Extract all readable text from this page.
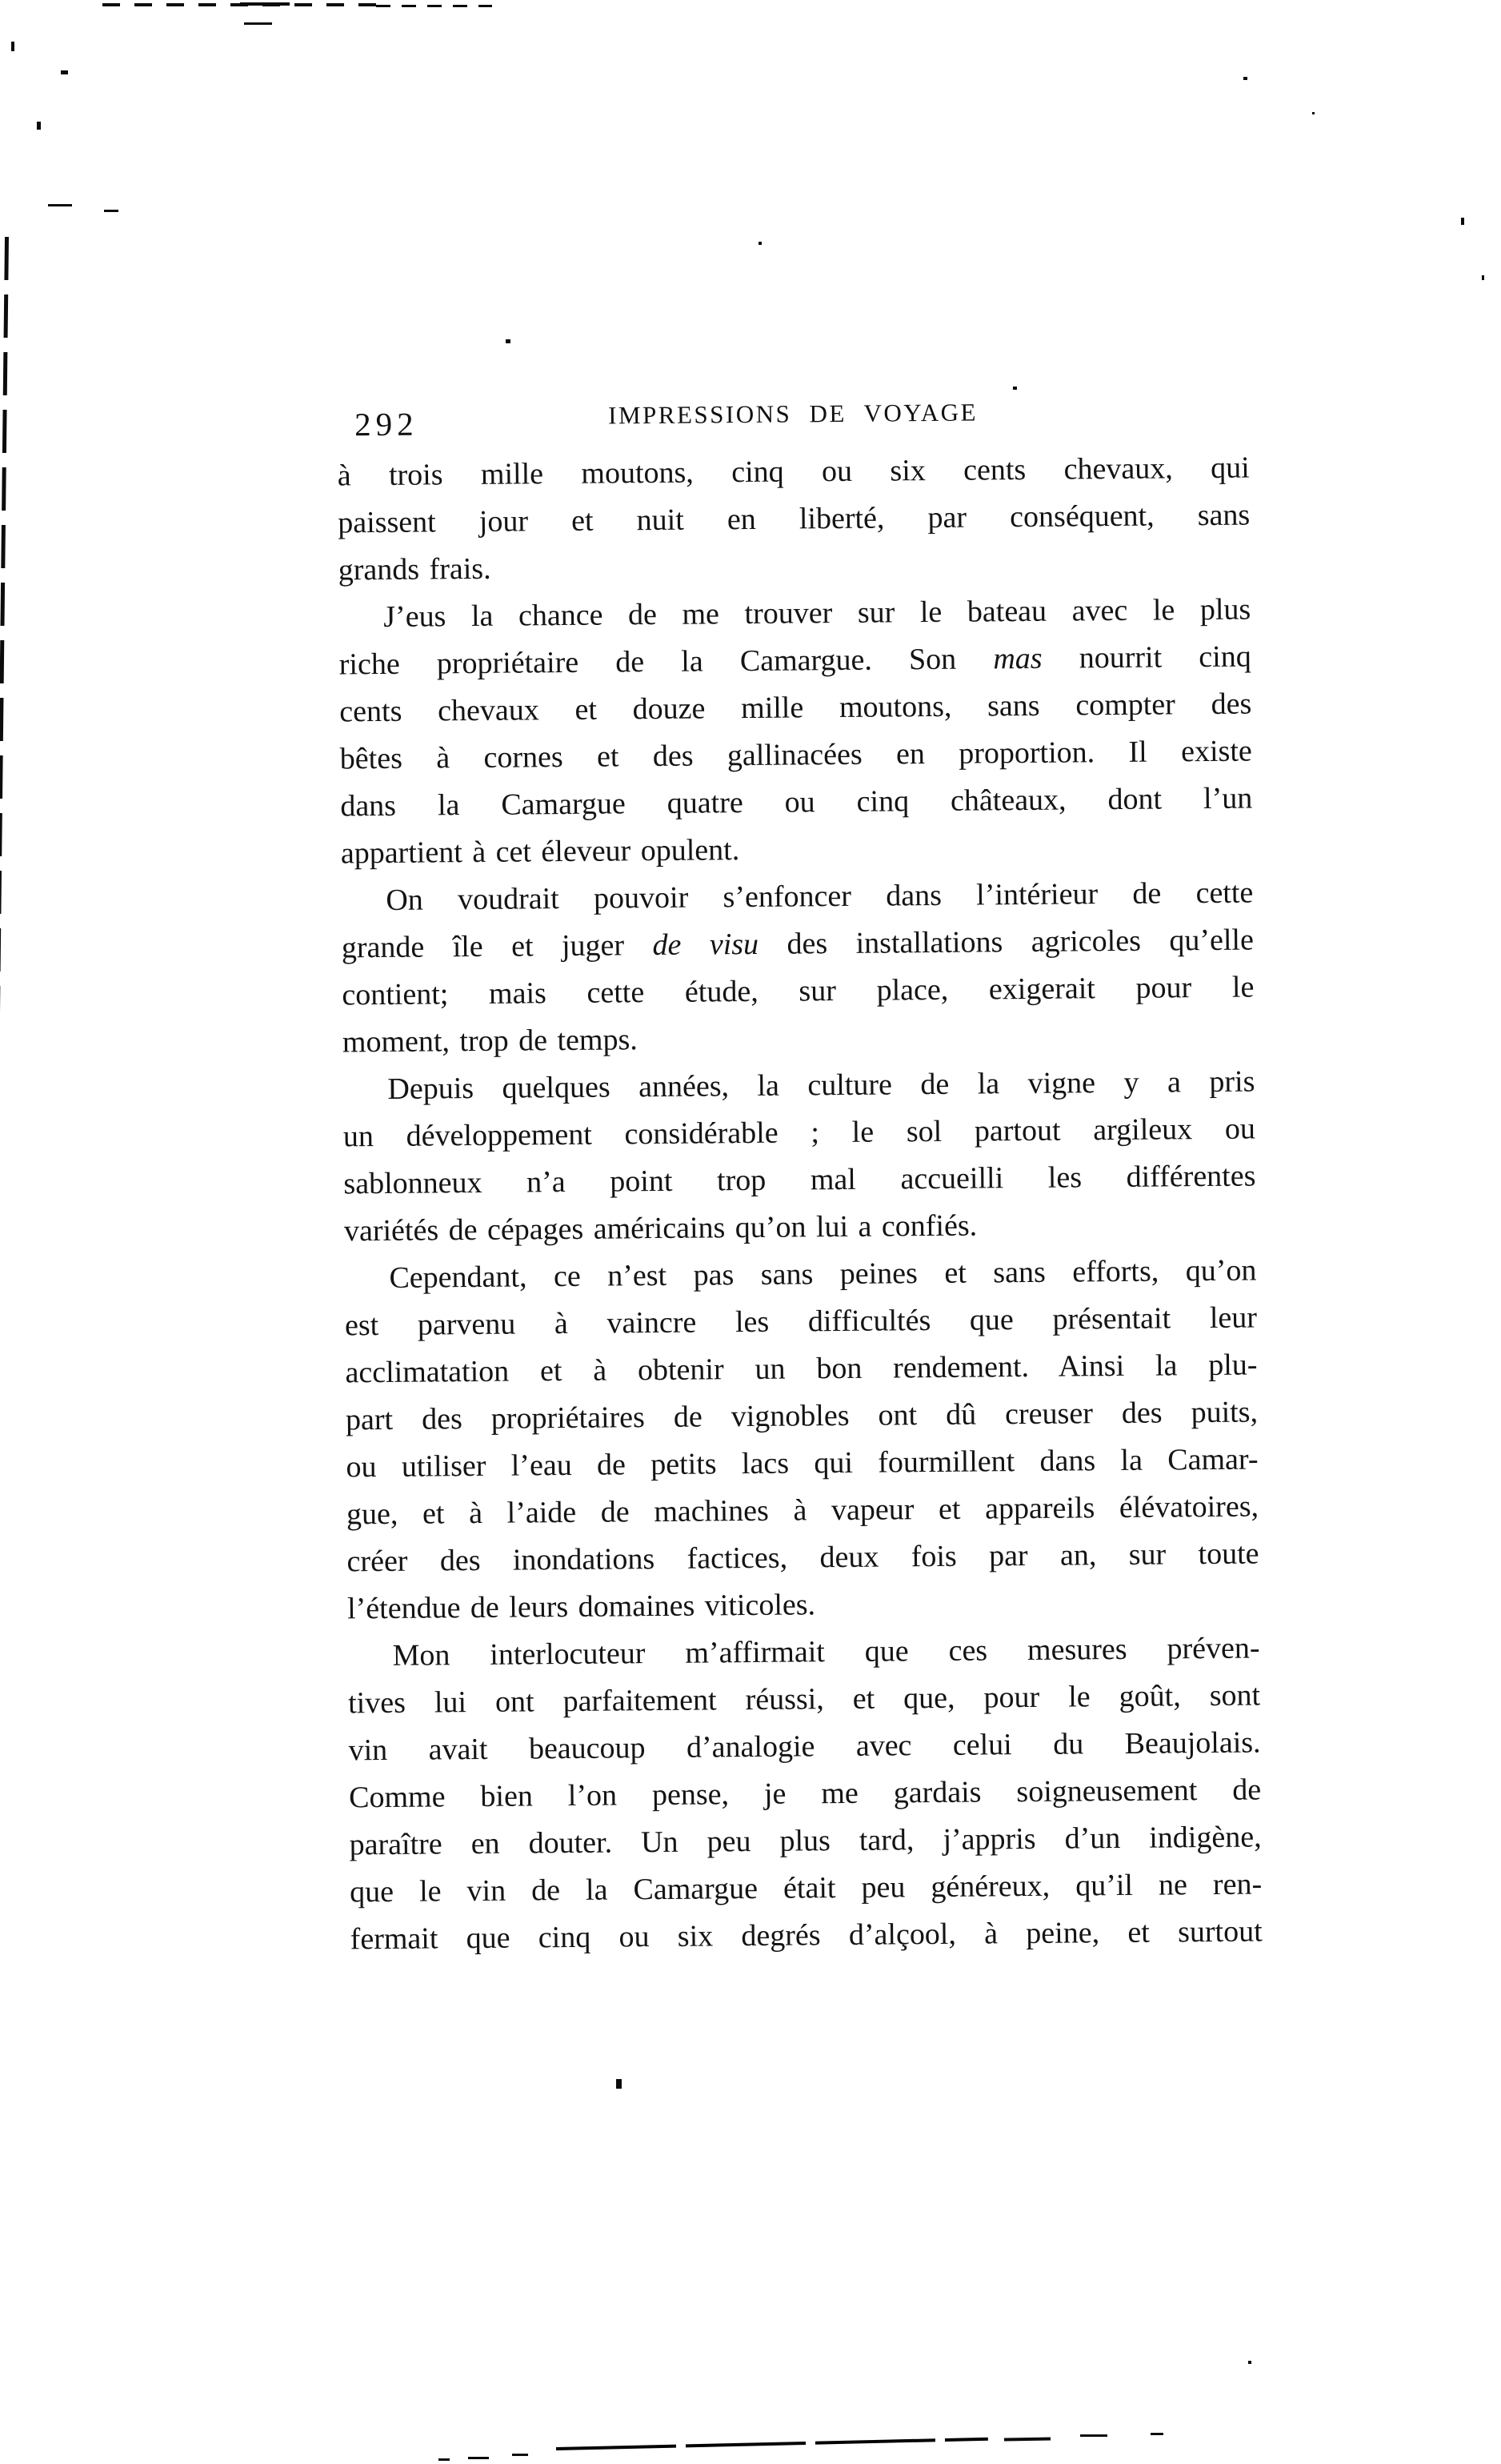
292	IMPRESSIONS DE VOYAGE
à trois mille moutons, cinq ou six cents chevaux, qui
paissent jour et nuit en liberté, par conséquent, sans
grands frais.
J’eus la chance de me trouver sur le bateau avec le plus
riche propriétaire de la Camargue. Son mas nourrit cinq
cents chevaux et douze mille moutons, sans compter des
bêtes à cornes et des gallinacées en proportion. Il existe
dans la Camargue quatre ou cinq châteaux, dont l’un
appartient à cet éleveur opulent.
On voudrait pouvoir s’enfoncer dans l’intérieur de cette
grande île et juger de visu des installations agricoles qu’elle
contient; mais cette étude, sur place, exigerait pour le
moment, trop de temps.
Depuis quelques années, la culture de la vigne y a pris
un développement considérable ; le sol partout argileux ou
sablonneux n’a point trop mal accueilli les différentes
variétés de cépages américains qu’on lui a confiés.
Cependant, ce n’est pas sans peines et sans efforts, qu’on
est parvenu à vaincre les difficultés que présentait leur
acclimatation et à obtenir un bon rendement. Ainsi la plu-
part des propriétaires de vignobles ont dû creuser des puits,
ou utiliser l’eau de petits lacs qui fourmillent dans la Camar-
gue, et à l’aide de machines à vapeur et appareils élévatoires,
créer des inondations factices, deux fois par an, sur toute
l’étendue de leurs domaines viticoles.
Mon interlocuteur m’affirmait que ces mesures préven-
tives lui ont parfaitement réussi, et que, pour le goût, sont
vin avait beaucoup d’analogie avec celui du Beaujolais.
Comme bien l’on pense, je me gardais soigneusement de
paraître en douter. Un peu plus tard, j’appris d’un indigène,
que le vin de la Camargue était peu généreux, qu’il ne ren-
fermait que cinq ou six degrés d’alçool, à peine, et surtout
